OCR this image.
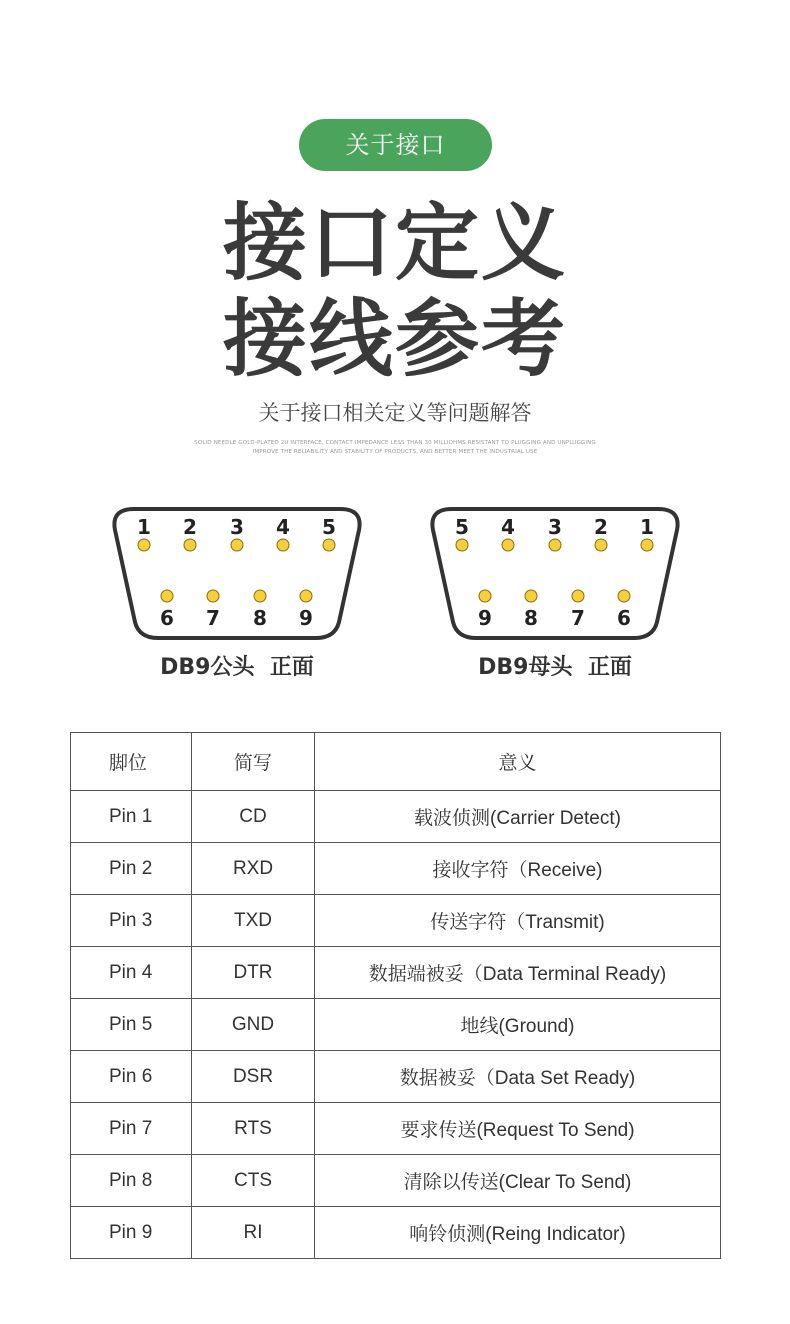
关于接口
接口定义
接线参考
关于接口相关定义等问题解答
SOLID NEEDLE GOLD-PLATED 2U INTERFACE, CONTACT IMPEDANCE LESS THAN 30 MILLIOHMS RESISTANT TO PLUGGING AND UNPLUGGING
IMPROVE THE RELIABILITY AND STABILITY OF PRODUCTS, AND BETTER MEET THE INDUSTRIAL USE
1 2 3 4 5
6 7 8 9
5 4 3 2 1
9 8 7 6
DB9公头  正面	DB9母头  正面
脚位	简写	意义
Pin 1	CD	载波侦测(Carrier Detect)
Pin 2	RXD	接收字符（Receive)
Pin 3	TXD	传送字符（Transmit)
Pin 4	DTR	数据端被妥（Data Terminal Ready)
Pin 5	GND	地线(Ground)
Pin 6	DSR	数据被妥（Data Set Ready)
Pin 7	RTS	要求传送(Request To Send)
Pin 8	CTS	清除以传送(Clear To Send)
Pin 9	RI	响铃侦测(Reing Indicator)
